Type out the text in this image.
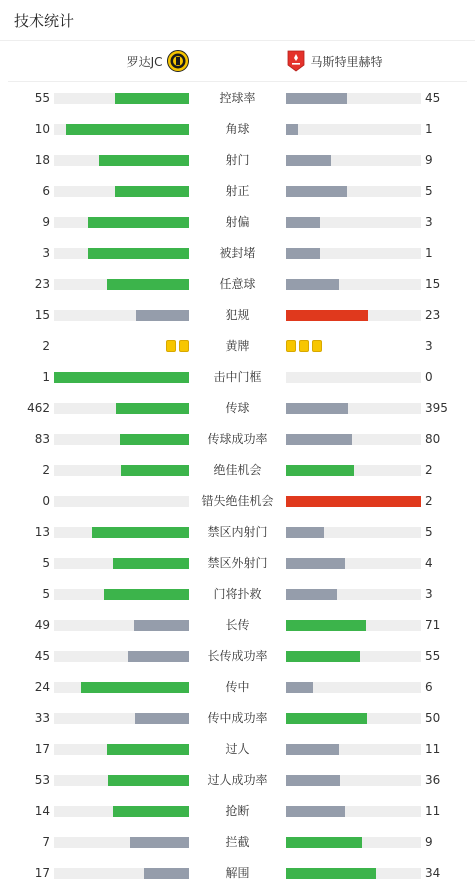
技术统计
罗达JC	马斯特里赫特
55	控球率	45
10	角球	1
18	射门	9
6	射正	5
9	射偏	3
3	被封堵	1
23	任意球	15
15	犯规	23
2	黄牌	3
1	击中门框	0
462	传球	395
83	传球成功率	80
2	绝佳机会	2
0	错失绝佳机会	2
13	禁区内射门	5
5	禁区外射门	4
5	门将扑救	3
49	长传	71
45	长传成功率	55
24	传中	6
33	传中成功率	50
17	过人	11
53	过人成功率	36
14	抢断	11
7	拦截	9
17	解围	34
